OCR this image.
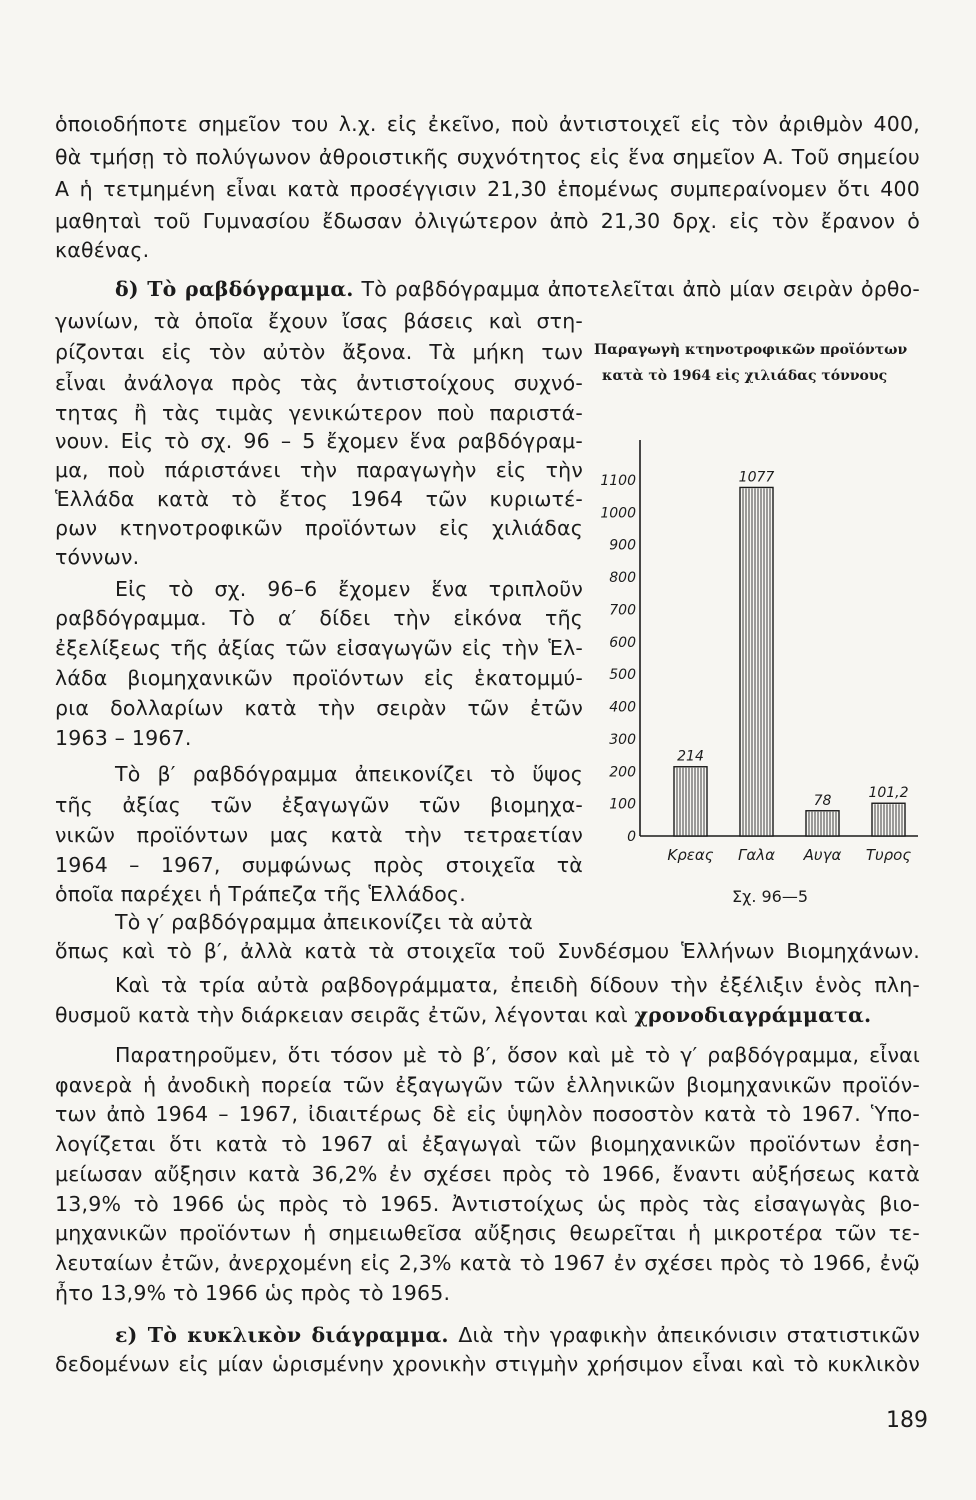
ὁποιοδήποτε σημεῖον του λ.χ. εἰς ἐκεῖνο, ποὺ ἀντιστοιχεῖ εἰς τὸν ἀριθμὸν 400,
θὰ τμήσῃ τὸ πολύγωνον ἀθροιστικῆς συχνότητος εἰς ἕνα σημεῖον Α. Τοῦ σημείου
Α ἡ τετμημένη εἶναι κατὰ προσέγγισιν 21,30 ἑπομένως συμπεραίνομεν ὅτι 400
μαθηταὶ τοῦ Γυμνασίου ἔδωσαν ὀλιγώτερον ἀπὸ 21,30 δρχ. εἰς τὸν ἔρανον ὁ
καθένας.
δ) Τὸ ραβδόγραμμα. Τὸ ραβδόγραμμα ἀποτελεῖται ἀπὸ μίαν σειρὰν ὀρθο-
γωνίων, τὰ ὁποῖα ἔχουν ἴσας βάσεις καὶ στη-
ρίζονται εἰς τὸν αὐτὸν ἄξονα. Τὰ μήκη των
εἶναι ἀνάλογα πρὸς τὰς ἀντιστοίχους συχνό-
τητας ἢ τὰς τιμὰς γενικώτερον ποὺ παριστά-
νουν. Εἰς τὸ σχ. 96 – 5 ἔχομεν ἕνα ραβδόγραμ-
μα, ποὺ πάριστάνει τὴν παραγωγὴν εἰς τὴν
Ἑλλάδα κατὰ τὸ ἔτος 1964 τῶν κυριωτέ-
ρων κτηνοτροφικῶν προϊόντων εἰς χιλιάδας
τόννων.
Εἰς τὸ σχ. 96–6 ἔχομεν ἕνα τριπλοῦν
ραβδόγραμμα. Τὸ α′ δίδει τὴν εἰκόνα τῆς
ἐξελίξεως τῆς ἀξίας τῶν εἰσαγωγῶν εἰς τὴν Ἑλ-
λάδα βιομηχανικῶν προϊόντων εἰς ἑκατομμύ-
ρια δολλαρίων κατὰ τὴν σειρὰν τῶν ἐτῶν
1963 – 1967.
Τὸ β′ ραβδόγραμμα ἀπεικονίζει τὸ ὕψος
τῆς ἀξίας τῶν ἐξαγωγῶν τῶν βιομηχα-
νικῶν προϊόντων μας κατὰ τὴν τετραετίαν
1964 – 1967, συμφώνως πρὸς στοιχεῖα τὰ
ὁποῖα παρέχει ἡ Τράπεζα τῆς Ἑλλάδος.
Τὸ γ′ ραβδόγραμμα ἀπεικονίζει τὰ αὐτὰ
ὅπως καὶ τὸ β′, ἀλλὰ κατὰ τὰ στοιχεῖα τοῦ Συνδέσμου Ἑλλήνων Βιομηχάνων.
Καὶ τὰ τρία αὐτὰ ραβδογράμματα, ἐπειδὴ δίδουν τὴν ἐξέλιξιν ἑνὸς πλη-
θυσμοῦ κατὰ τὴν διάρκειαν σειρᾶς ἐτῶν, λέγονται καὶ χρονοδιαγράμματα.
Παρατηροῦμεν, ὅτι τόσον μὲ τὸ β′, ὅσον καὶ μὲ τὸ γ′ ραβδόγραμμα, εἶναι
φανερὰ ἡ ἀνοδικὴ πορεία τῶν ἐξαγωγῶν τῶν ἑλληνικῶν βιομηχανικῶν προϊόν-
των ἀπὸ 1964 – 1967, ἰδιαιτέρως δὲ εἰς ὑψηλὸν ποσοστὸν κατὰ τὸ 1967. Ὑπο-
λογίζεται ὅτι κατὰ τὸ 1967 αἱ ἐξαγωγαὶ τῶν βιομηχανικῶν προϊόντων ἐση-
μείωσαν αὔξησιν κατὰ 36,2% ἐν σχέσει πρὸς τὸ 1966, ἔναντι αὐξήσεως κατὰ
13,9% τὸ 1966 ὡς πρὸς τὸ 1965. Ἀντιστοίχως ὡς πρὸς τὰς εἰσαγωγὰς βιο-
μηχανικῶν προϊόντων ἡ σημειωθεῖσα αὔξησις θεωρεῖται ἡ μικροτέρα τῶν τε-
λευταίων ἐτῶν, ἀνερχομένη εἰς 2,3% κατὰ τὸ 1967 ἐν σχέσει πρὸς τὸ 1966, ἐνῷ
ἦτο 13,9% τὸ 1966 ὡς πρὸς τὸ 1965.
ε) Τὸ κυκλικὸν διάγραμμα. Διὰ τὴν γραφικὴν ἀπεικόνισιν στατιστικῶν
δεδομένων εἰς μίαν ὡρισμένην χρονικὴν στιγμὴν χρήσιμον εἶναι καὶ τὸ κυκλικὸν
Παραγωγὴ κτηνοτροφικῶν προϊόντων
κατὰ τὸ 1964 εἰς χιλιάδας τόννους
0
100
200
300
400
500
600
700
800
900
1000
1100
214
Κρεας
1077
Γαλα
78
Αυγα
101,2
Τυρος
Σχ. 96—5
189
